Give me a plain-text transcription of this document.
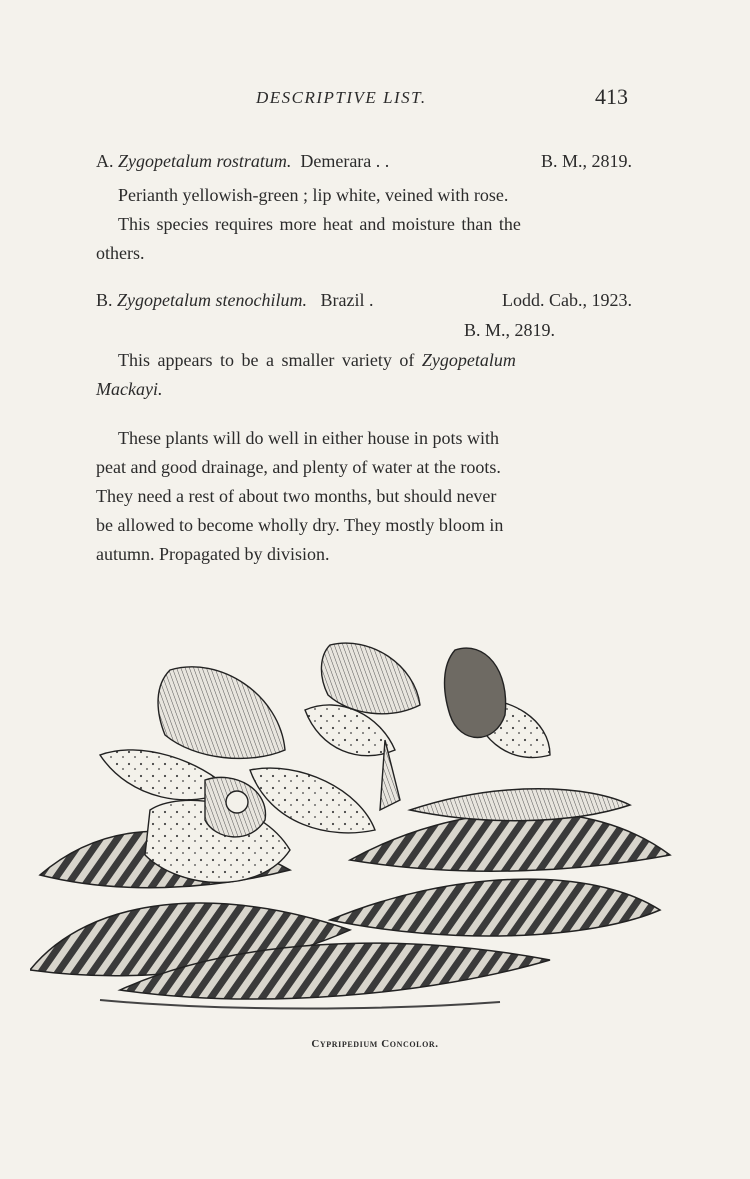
DESCRIPTIVE LIST.	413
A. Zygopetalum rostratum. Demerara . .	B. M., 2819.
Perianth yellowish-green ; lip white, veined with rose.
This species requires more heat and moisture than the
others.
B. Zygopetalum stenochilum. Brazil .	Lodd. Cab., 1923.
B. M., 2819.
This appears to be a smaller variety of Zygopetalum
Mackayi.
These plants will do well in either house in pots with
peat and good drainage, and plenty of water at the roots.
They need a rest of about two months, but should never
be allowed to become wholly dry. They mostly bloom in
autumn. Propagated by division.
Cypripedium Concolor.
